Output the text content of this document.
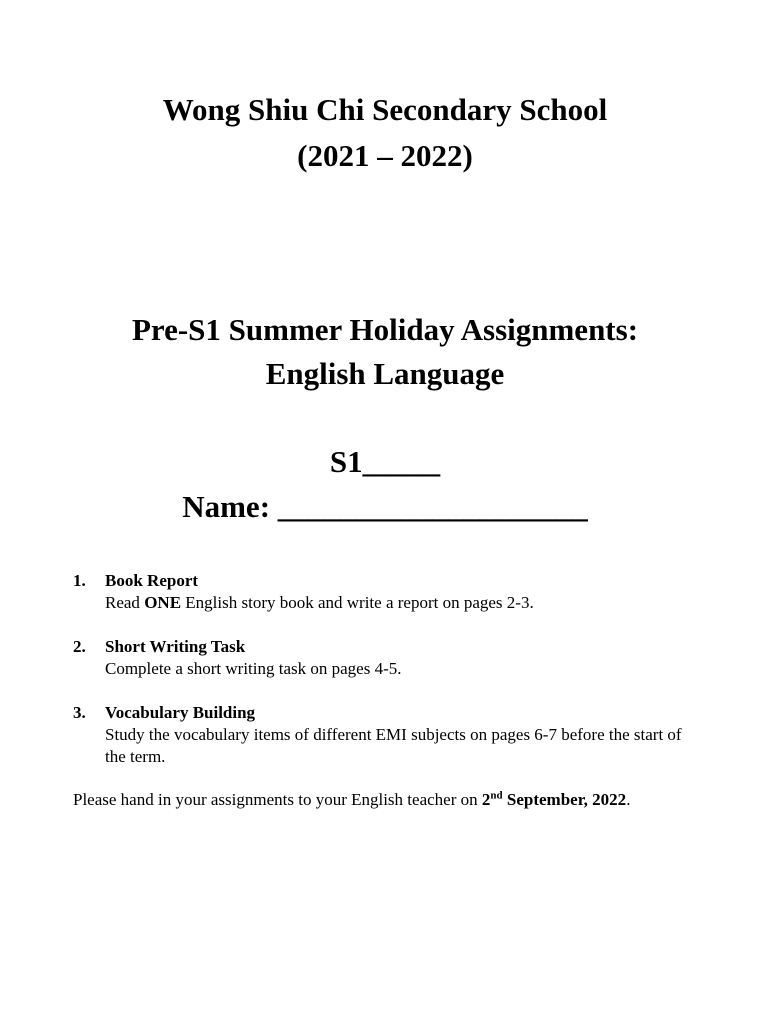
Wong Shiu Chi Secondary School
(2021 – 2022)
Pre-S1 Summer Holiday Assignments:
English Language
S1_____
Name: ____________________
1. Book Report
Read ONE English story book and write a report on pages 2-3.
2. Short Writing Task
Complete a short writing task on pages 4-5.
3. Vocabulary Building
Study the vocabulary items of different EMI subjects on pages 6-7 before the start of the term.
Please hand in your assignments to your English teacher on 2nd September, 2022.
